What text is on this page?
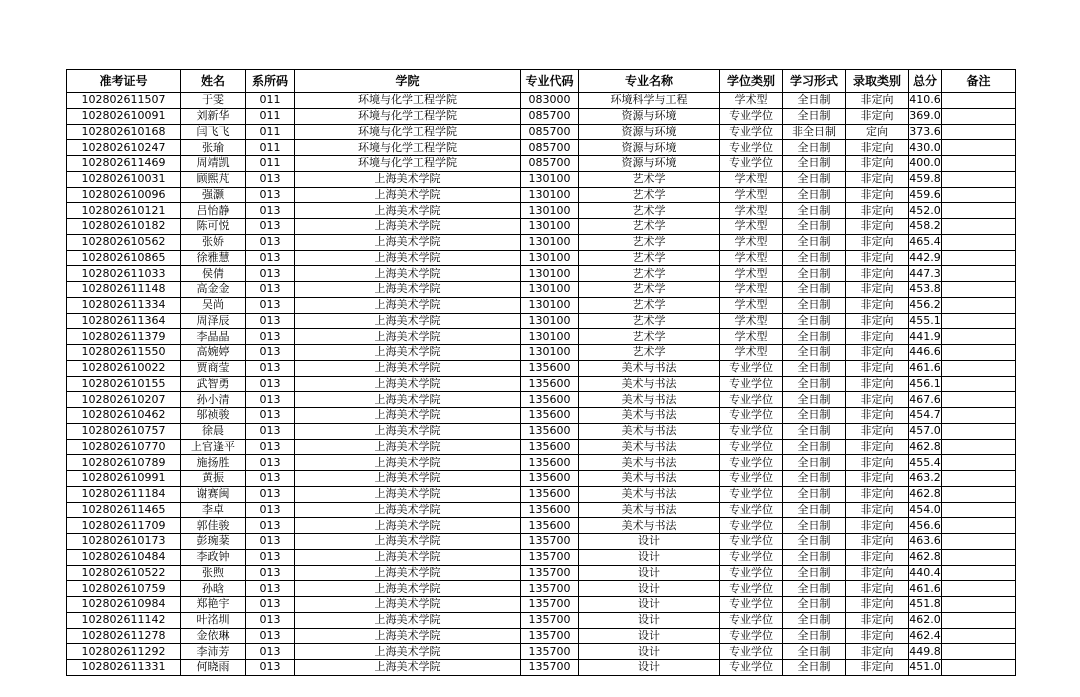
准考证号	姓名	系所码	学院	专业代码	专业名称	学位类别	学习形式	录取类别	总分	备注
102802611507	于雯	011	环境与化学工程学院	083000	环境科学与工程	学术型	全日制	非定向	410.6	
102802610091	刘新华	011	环境与化学工程学院	085700	资源与环境	专业学位	全日制	非定向	369.0	
102802610168	闫飞飞	011	环境与化学工程学院	085700	资源与环境	专业学位	非全日制	定向	373.6	
102802610247	张瑜	011	环境与化学工程学院	085700	资源与环境	专业学位	全日制	非定向	430.0	
102802611469	周靖凯	011	环境与化学工程学院	085700	资源与环境	专业学位	全日制	非定向	400.0	
102802610031	顾熙芃	013	上海美术学院	130100	艺术学	学术型	全日制	非定向	459.8	
102802610096	强灏	013	上海美术学院	130100	艺术学	学术型	全日制	非定向	459.6	
102802610121	吕怡静	013	上海美术学院	130100	艺术学	学术型	全日制	非定向	452.0	
102802610182	陈可悦	013	上海美术学院	130100	艺术学	学术型	全日制	非定向	458.2	
102802610562	张娇	013	上海美术学院	130100	艺术学	学术型	全日制	非定向	465.4	
102802610865	徐雅慧	013	上海美术学院	130100	艺术学	学术型	全日制	非定向	442.9	
102802611033	侯倩	013	上海美术学院	130100	艺术学	学术型	全日制	非定向	447.3	
102802611148	高金金	013	上海美术学院	130100	艺术学	学术型	全日制	非定向	453.8	
102802611334	吴尚	013	上海美术学院	130100	艺术学	学术型	全日制	非定向	456.2	
102802611364	周泽辰	013	上海美术学院	130100	艺术学	学术型	全日制	非定向	455.1	
102802611379	李晶晶	013	上海美术学院	130100	艺术学	学术型	全日制	非定向	441.9	
102802611550	高婉婷	013	上海美术学院	130100	艺术学	学术型	全日制	非定向	446.6	
102802610022	贾商莹	013	上海美术学院	135600	美术与书法	专业学位	全日制	非定向	461.6	
102802610155	武智勇	013	上海美术学院	135600	美术与书法	专业学位	全日制	非定向	456.1	
102802610207	孙小清	013	上海美术学院	135600	美术与书法	专业学位	全日制	非定向	467.6	
102802610462	邬祯骏	013	上海美术学院	135600	美术与书法	专业学位	全日制	非定向	454.7	
102802610757	徐晨	013	上海美术学院	135600	美术与书法	专业学位	全日制	非定向	457.0	
102802610770	上官逢平	013	上海美术学院	135600	美术与书法	专业学位	全日制	非定向	462.8	
102802610789	施扬胜	013	上海美术学院	135600	美术与书法	专业学位	全日制	非定向	455.4	
102802610991	黄振	013	上海美术学院	135600	美术与书法	专业学位	全日制	非定向	463.2	
102802611184	谢赛闽	013	上海美术学院	135600	美术与书法	专业学位	全日制	非定向	462.8	
102802611465	李卓	013	上海美术学院	135600	美术与书法	专业学位	全日制	非定向	454.0	
102802611709	郭佳骏	013	上海美术学院	135600	美术与书法	专业学位	全日制	非定向	456.6	
102802610173	彭琬棻	013	上海美术学院	135700	设计	专业学位	全日制	非定向	463.6	
102802610484	李政钟	013	上海美术学院	135700	设计	专业学位	全日制	非定向	462.8	
102802610522	张煦	013	上海美术学院	135700	设计	专业学位	全日制	非定向	440.4	
102802610759	孙晗	013	上海美术学院	135700	设计	专业学位	全日制	非定向	461.6	
102802610984	郑艳宇	013	上海美术学院	135700	设计	专业学位	全日制	非定向	451.8	
102802611142	叶洺圳	013	上海美术学院	135700	设计	专业学位	全日制	非定向	462.0	
102802611278	金依琳	013	上海美术学院	135700	设计	专业学位	全日制	非定向	462.4	
102802611292	李沛芳	013	上海美术学院	135700	设计	专业学位	全日制	非定向	449.8	
102802611331	何晓雨	013	上海美术学院	135700	设计	专业学位	全日制	非定向	451.0	
